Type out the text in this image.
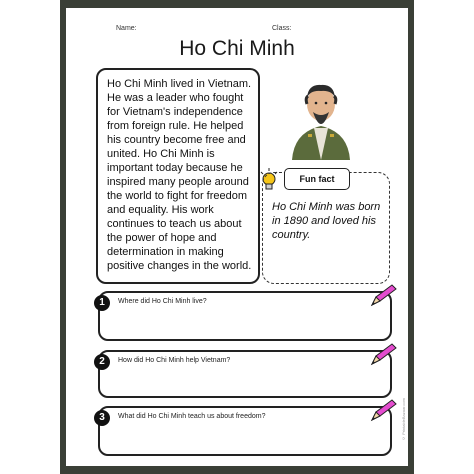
Name:	Class:
Ho Chi Minh

Ho Chi Minh lived in Vietnam. He was a leader who fought for Vietnam's independence from foreign rule. He helped his country become free and united. Ho Chi Minh is important today because he inspired many people around the world to fight for freedom and equality. His work continues to teach us about the power of hope and determination in making positive changes in the world.

Fun fact

Ho Chi Minh was born in 1890 and loved his country.

1	Where did Ho Chi Minh live?
2	How did Ho Chi Minh help Vietnam?
3	What did Ho Chi Minh teach us about freedom?	© PrintableBazaar.com
